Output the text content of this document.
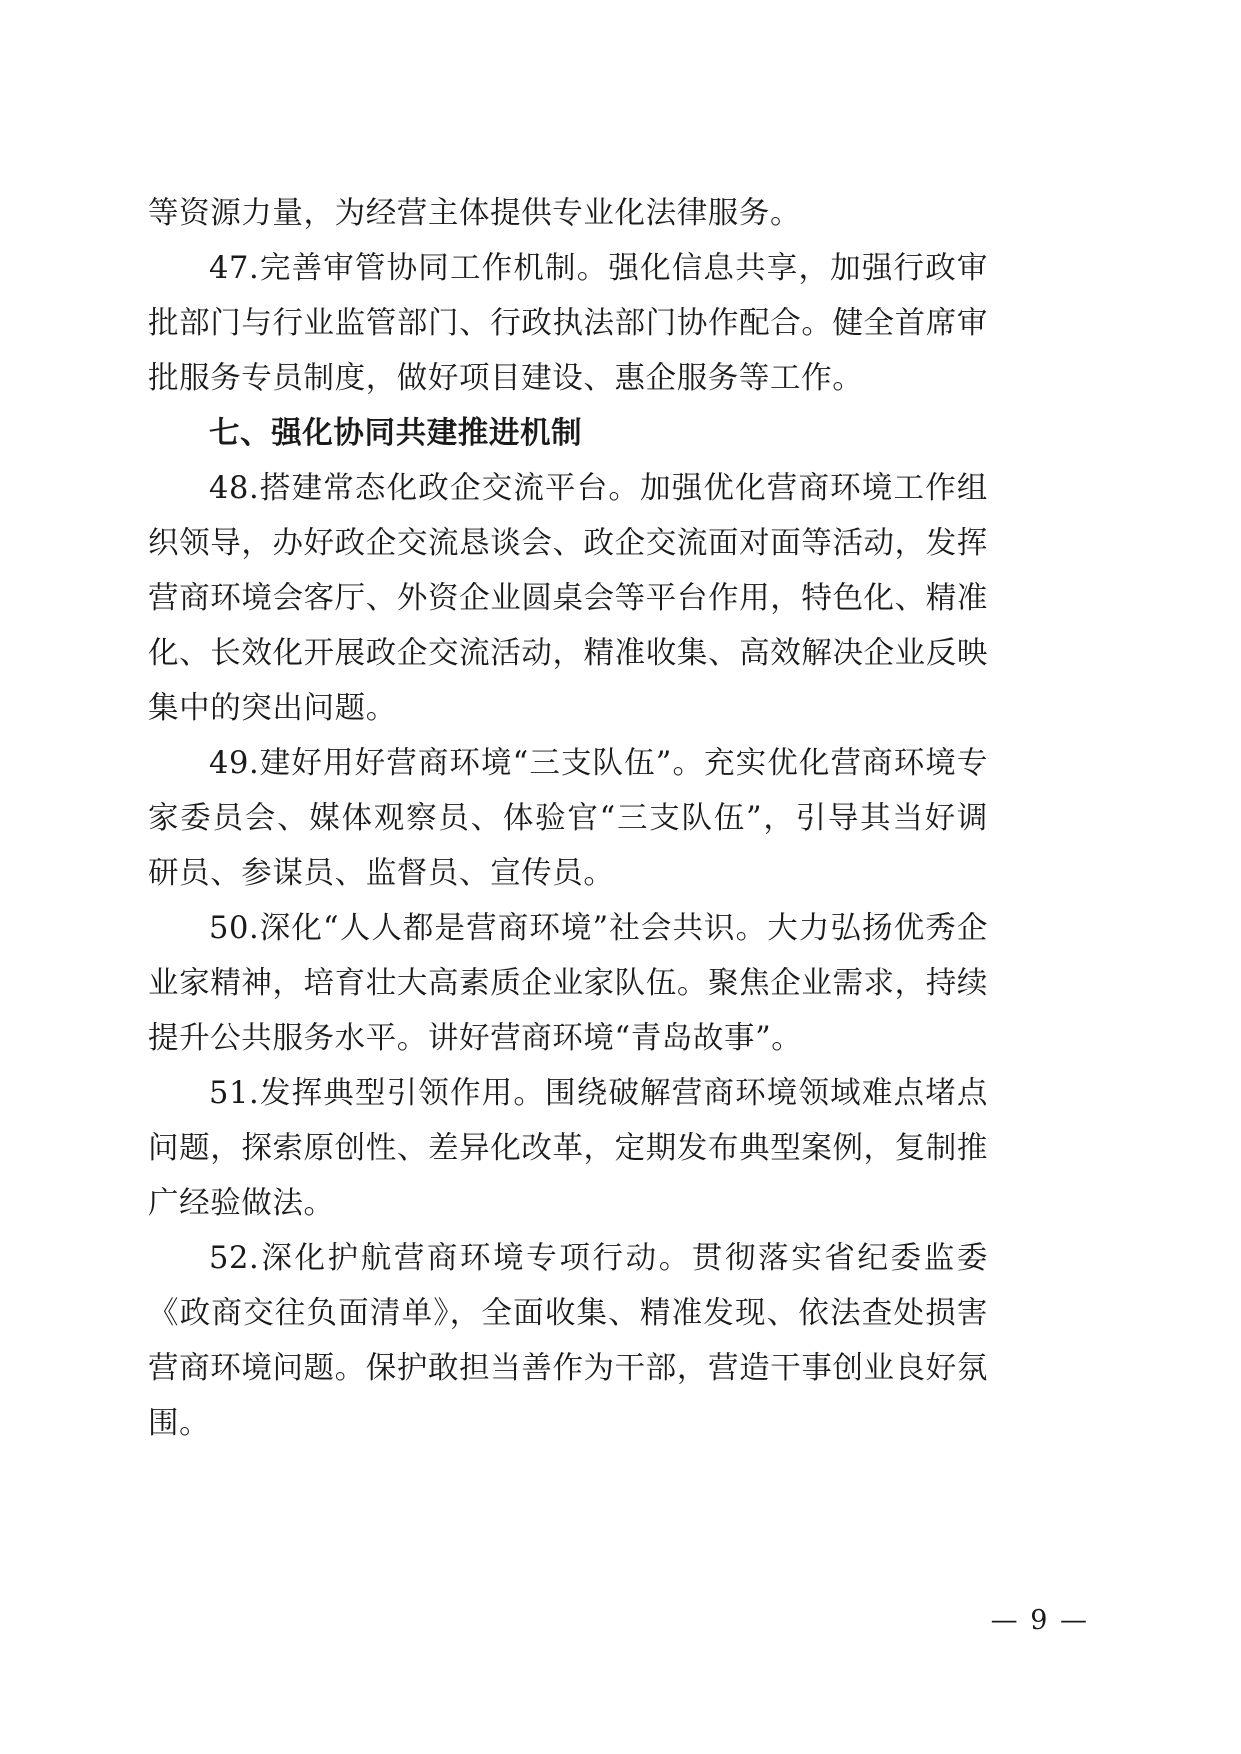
等资源力量，为经营主体提供专业化法律服务。

47.完善审管协同工作机制。强化信息共享，加强行政审批部门与行业监管部门、行政执法部门协作配合。健全首席审批服务专员制度，做好项目建设、惠企服务等工作。

七、强化协同共建推进机制

48.搭建常态化政企交流平台。加强优化营商环境工作组织领导，办好政企交流恳谈会、政企交流面对面等活动，发挥营商环境会客厅、外资企业圆桌会等平台作用，特色化、精准化、长效化开展政企交流活动，精准收集、高效解决企业反映集中的突出问题。

49.建好用好营商环境“三支队伍”。充实优化营商环境专家委员会、媒体观察员、体验官“三支队伍”，引导其当好调研员、参谋员、监督员、宣传员。

50.深化“人人都是营商环境”社会共识。大力弘扬优秀企业家精神，培育壮大高素质企业家队伍。聚焦企业需求，持续提升公共服务水平。讲好营商环境“青岛故事”。

51.发挥典型引领作用。围绕破解营商环境领域难点堵点问题，探索原创性、差异化改革，定期发布典型案例，复制推广经验做法。

52.深化护航营商环境专项行动。贯彻落实省纪委监委《政商交往负面清单》，全面收集、精准发现、依法查处损害营商环境问题。保护敢担当善作为干部，营造干事创业良好氛围。

— 9 —
